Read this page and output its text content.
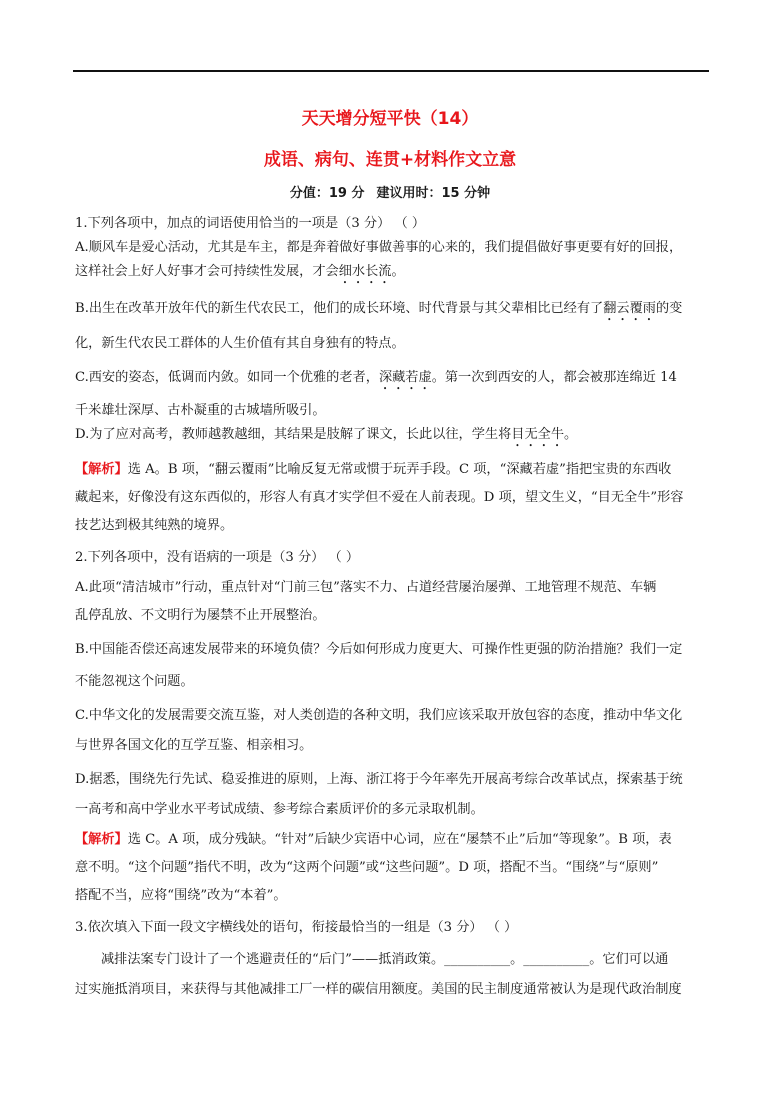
天天增分短平快（14）
成语、病句、连贯+材料作文立意
分值：19 分 建议用时：15 分钟

1.下列各项中，加点的词语使用恰当的一项是（3 分） （ ）

A.顺风车是爱心活动，尤其是车主，都是奔着做好事做善事的心来的，我们提倡做好事更要有好的回报，

这样社会上好人好事才会可持续性发展，才会细水长流。

B.出生在改革开放年代的新生代农民工，他们的成长环境、时代背景与其父辈相比已经有了翻云覆雨的变

化，新生代农民工群体的人生价值有其自身独有的特点。

C.西安的姿态，低调而内敛。如同一个优雅的老者，深藏若虚。第一次到西安的人，都会被那连绵近 14

千米雄壮深厚、古朴凝重的古城墙所吸引。

D.为了应对高考，教师越教越细，其结果是肢解了课文，长此以往，学生将目无全牛。

【解析】选 A。B 项，“翻云覆雨”比喻反复无常或惯于玩弄手段。C 项，“深藏若虚”指把宝贵的东西收

藏起来，好像没有这东西似的，形容人有真才实学但不爱在人前表现。D 项，望文生义，“目无全牛”形容

技艺达到极其纯熟的境界。

2.下列各项中，没有语病的一项是（3 分） （ ）

A.此项“清洁城市”行动，重点针对“门前三包”落实不力、占道经营屡治屡弹、工地管理不规范、车辆

乱停乱放、不文明行为屡禁不止开展整治。

B.中国能否偿还高速发展带来的环境负债？今后如何形成力度更大、可操作性更强的防治措施？我们一定

不能忽视这个问题。

C.中华文化的发展需要交流互鉴，对人类创造的各种文明，我们应该采取开放包容的态度，推动中华文化

与世界各国文化的互学互鉴、相亲相习。

D.据悉，围绕先行先试、稳妥推进的原则，上海、浙江将于今年率先开展高考综合改革试点，探索基于统

一高考和高中学业水平考试成绩、参考综合素质评价的多元录取机制。

【解析】选 C。A 项，成分残缺。“针对”后缺少宾语中心词，应在“屡禁不止”后加“等现象”。B 项，表

意不明。“这个问题”指代不明，改为“这两个问题”或“这些问题”。D 项，搭配不当。“围绕”与“原则”

搭配不当，应将“围绕”改为“本着”。

3.依次填入下面一段文字横线处的语句，衔接最恰当的一组是（3 分） （ ）

减排法案专门设计了一个逃避责任的“后门”——抵消政策。__________。__________。它们可以通

过实施抵消项目，来获得与其他减排工厂一样的碳信用额度。美国的民主制度通常被认为是现代政治制度
